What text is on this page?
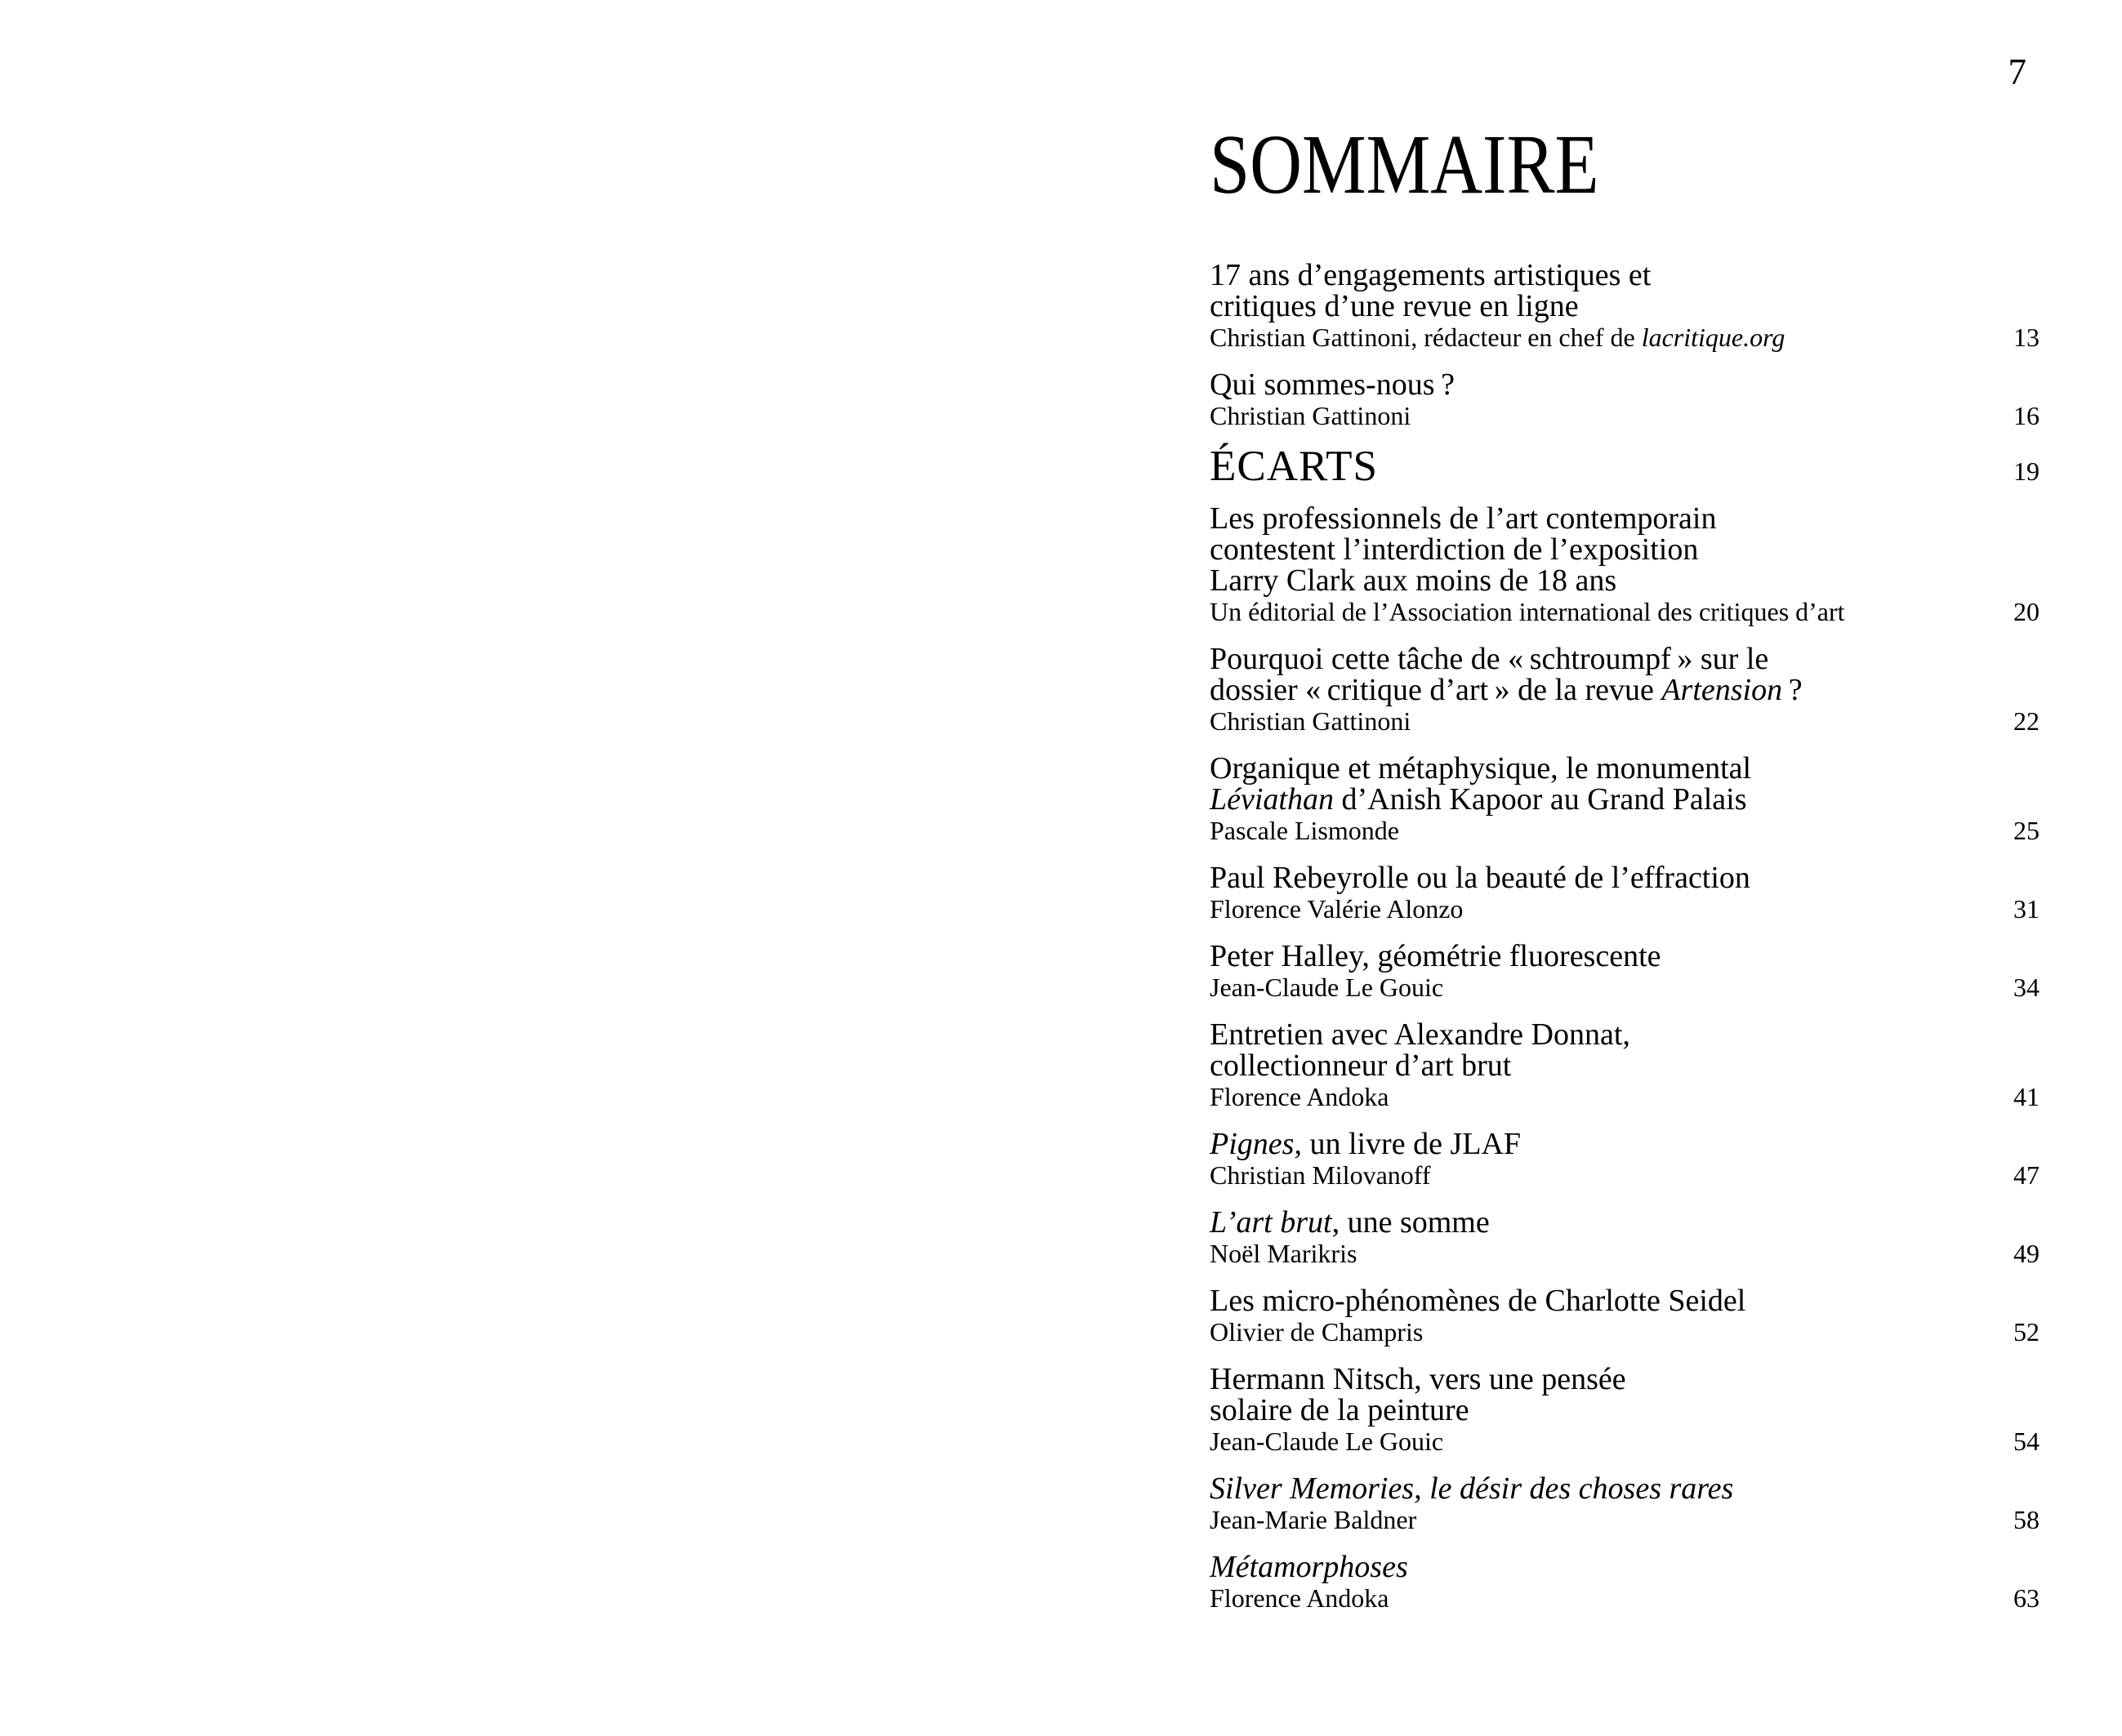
7
SOMMAIRE
17 ans d’engagements artistiques et
critiques d’une revue en ligne
Christian Gattinoni, rédacteur en chef de lacritique.org	13
Qui sommes-nous ?
Christian Gattinoni	16
ÉCARTS	19
Les professionnels de l’art contemporain
contestent l’interdiction de l’exposition
Larry Clark aux moins de 18 ans
Un éditorial de l’Association international des critiques d’art	20
Pourquoi cette tâche de « schtroumpf » sur le
dossier « critique d’art » de la revue Artension ?
Christian Gattinoni	22
Organique et métaphysique, le monumental
Léviathan d’Anish Kapoor au Grand Palais
Pascale Lismonde	25
Paul Rebeyrolle ou la beauté de l’effraction
Florence Valérie Alonzo	31
Peter Halley, géométrie fluorescente
Jean-Claude Le Gouic	34
Entretien avec Alexandre Donnat,
collectionneur d’art brut
Florence Andoka	41
Pignes, un livre de JLAF
Christian Milovanoff	47
L’art brut, une somme
Noël Marikris	49
Les micro-phénomènes de Charlotte Seidel
Olivier de Champris	52
Hermann Nitsch, vers une pensée
solaire de la peinture
Jean-Claude Le Gouic	54
Silver Memories, le désir des choses rares
Jean-Marie Baldner	58
Métamorphoses
Florence Andoka	63
